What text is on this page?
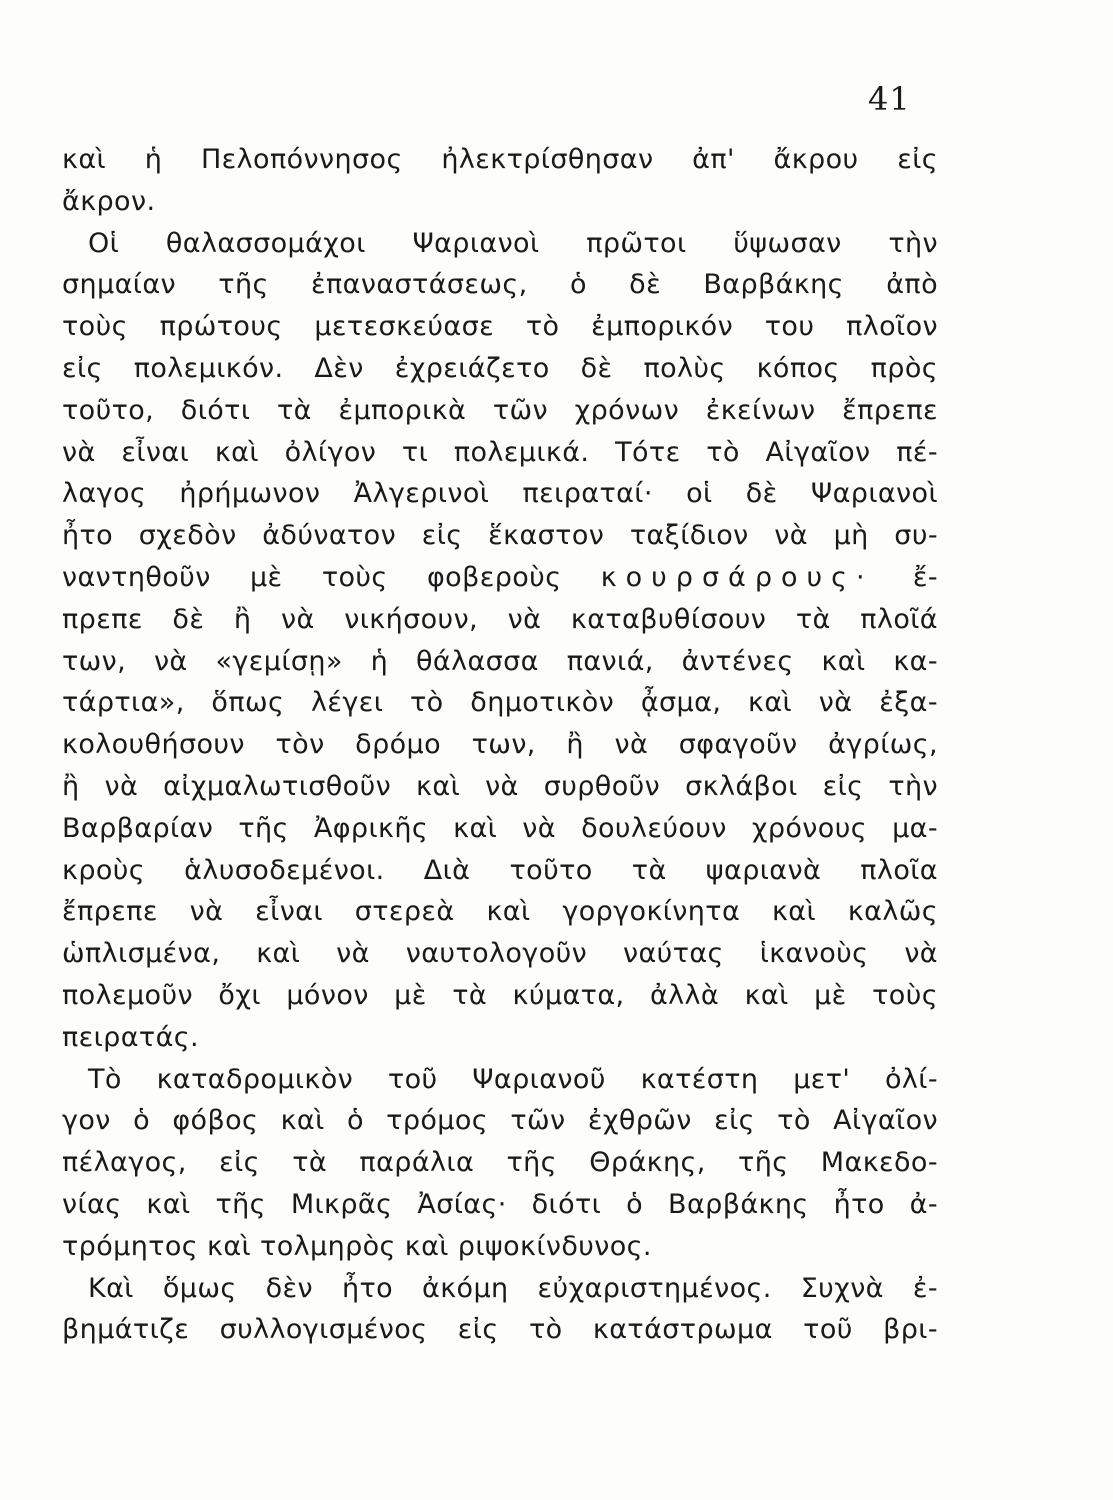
41
καὶ ἡ Πελοπόννησος ἠλεκτρίσθησαν ἀπ' ἄκρου εἰς
ἄκρον.
Οἱ θαλασσομάχοι Ψαριανοὶ πρῶτοι ὕψωσαν τὴν
σημαίαν τῆς ἐπαναστάσεως, ὁ δὲ Βαρβάκης ἀπὸ
τοὺς πρώτους μετεσκεύασε τὸ ἐμπορικόν του πλοῖον
εἰς πολεμικόν. Δὲν ἐχρειάζετο δὲ πολὺς κόπος πρὸς
τοῦτο, διότι τὰ ἐμπορικὰ τῶν χρόνων ἐκείνων ἔπρεπε
νὰ εἶναι καὶ ὀλίγον τι πολεμικά. Τότε τὸ Αἰγαῖον πέ-
λαγος ἠρήμωνον Ἀλγερινοὶ πειραταί· οἱ δὲ Ψαριανοὶ
ἦτο σχεδὸν ἀδύνατον εἰς ἕκαστον ταξίδιον νὰ μὴ συ-
ναντηθοῦν μὲ τοὺς φοβεροὺς κουρσάρους· ἔ-
πρεπε δὲ ἢ νὰ νικήσουν, νὰ καταβυθίσουν τὰ πλοῖά
των, νὰ «γεμίσῃ» ἡ θάλασσα πανιά, ἀντένες καὶ κα-
τάρτια», ὅπως λέγει τὸ δημοτικὸν ᾆσμα, καὶ νὰ ἐξα-
κολουθήσουν τὸν δρόμο των, ἢ νὰ σφαγοῦν ἀγρίως,
ἢ νὰ αἰχμαλωτισθοῦν καὶ νὰ συρθοῦν σκλάβοι εἰς τὴν
Βαρβαρίαν τῆς Ἀφρικῆς καὶ νὰ δουλεύουν χρόνους μα-
κροὺς ἁλυσοδεμένοι. Διὰ τοῦτο τὰ ψαριανὰ πλοῖα
ἔπρεπε νὰ εἶναι στερεὰ καὶ γοργοκίνητα καὶ καλῶς
ὡπλισμένα, καὶ νὰ ναυτολογοῦν ναύτας ἱκανοὺς νὰ
πολεμοῦν ὄχι μόνον μὲ τὰ κύματα, ἀλλὰ καὶ μὲ τοὺς
πειρατάς.
Τὸ καταδρομικὸν τοῦ Ψαριανοῦ κατέστη μετ' ὀλί-
γον ὁ φόβος καὶ ὁ τρόμος τῶν ἐχθρῶν εἰς τὸ Αἰγαῖον
πέλαγος, εἰς τὰ παράλια τῆς Θράκης, τῆς Μακεδο-
νίας καὶ τῆς Μικρᾶς Ἀσίας· διότι ὁ Βαρβάκης ἦτο ἀ-
τρόμητος καὶ τολμηρὸς καὶ ριψοκίνδυνος.
Καὶ ὅμως δὲν ἦτο ἀκόμη εὐχαριστημένος. Συχνὰ ἐ-
βημάτιζε συλλογισμένος εἰς τὸ κατάστρωμα τοῦ βρι-
